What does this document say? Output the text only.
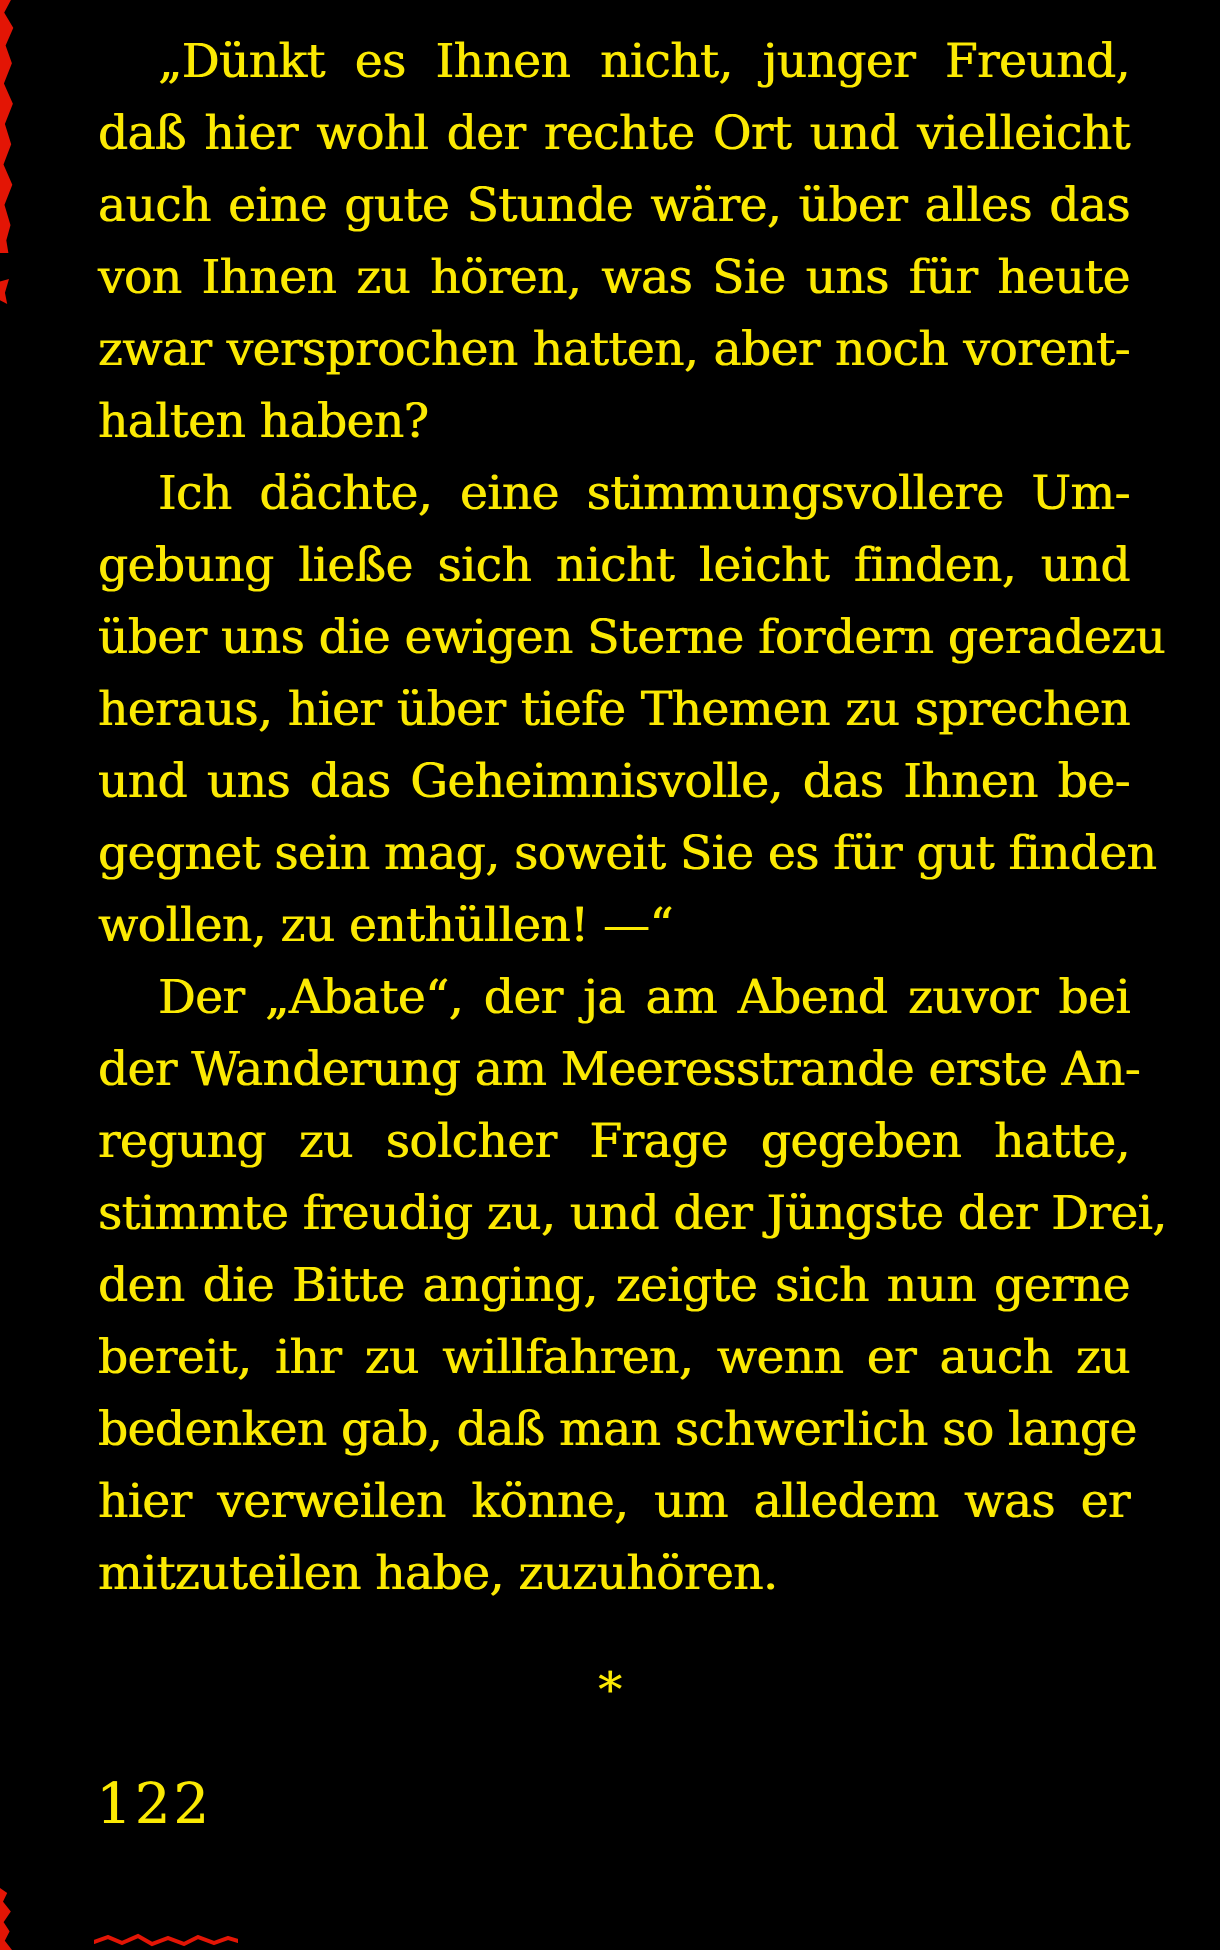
„Dünkt es Ihnen nicht, junger Freund,
daß hier wohl der rechte Ort und vielleicht
auch eine gute Stunde wäre, über alles das
von Ihnen zu hören, was Sie uns für heute
zwar versprochen hatten, aber noch vorent-
halten haben?
Ich dächte, eine stimmungsvollere Um-
gebung ließe sich nicht leicht finden, und
über uns die ewigen Sterne fordern geradezu
heraus, hier über tiefe Themen zu sprechen
und uns das Geheimnisvolle, das Ihnen be-
gegnet sein mag, soweit Sie es für gut finden
wollen, zu enthüllen! —“
Der „Abate“, der ja am Abend zuvor bei
der Wanderung am Meeresstrande erste An-
regung zu solcher Frage gegeben hatte,
stimmte freudig zu, und der Jüngste der Drei,
den die Bitte anging, zeigte sich nun gerne
bereit, ihr zu willfahren, wenn er auch zu
bedenken gab, daß man schwerlich so lange
hier verweilen könne, um alledem was er
mitzuteilen habe, zuzuhören.
*
122
